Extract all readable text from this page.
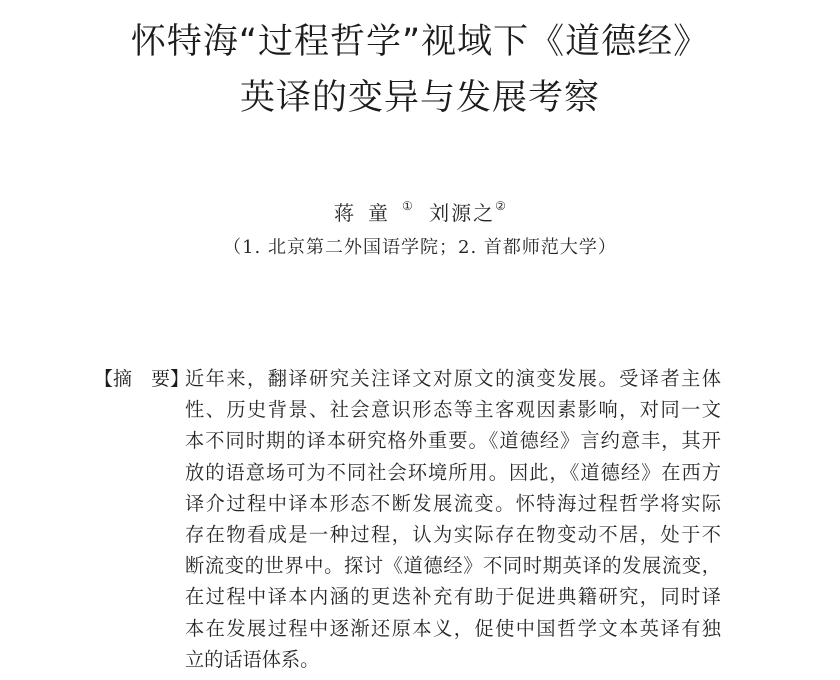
怀特海“过程哲学”视域下《道德经》
英译的变异与发展考察
蒋童① 刘源之②
（1. 北京第二外国语学院；2. 首都师范大学）
【摘　要】
近年来，翻译研究关注译文对原文的演变发展。受译者主体
性、历史背景、社会意识形态等主客观因素影响，对同一文
本不同时期的译本研究格外重要。《道德经》言约意丰，其开
放的语意场可为不同社会环境所用。因此，《道德经》在西方
译介过程中译本形态不断发展流变。怀特海过程哲学将实际
存在物看成是一种过程，认为实际存在物变动不居，处于不
断流变的世界中。探讨《道德经》不同时期英译的发展流变，
在过程中译本内涵的更迭补充有助于促进典籍研究，同时译
本在发展过程中逐渐还原本义，促使中国哲学文本英译有独
立的话语体系。
